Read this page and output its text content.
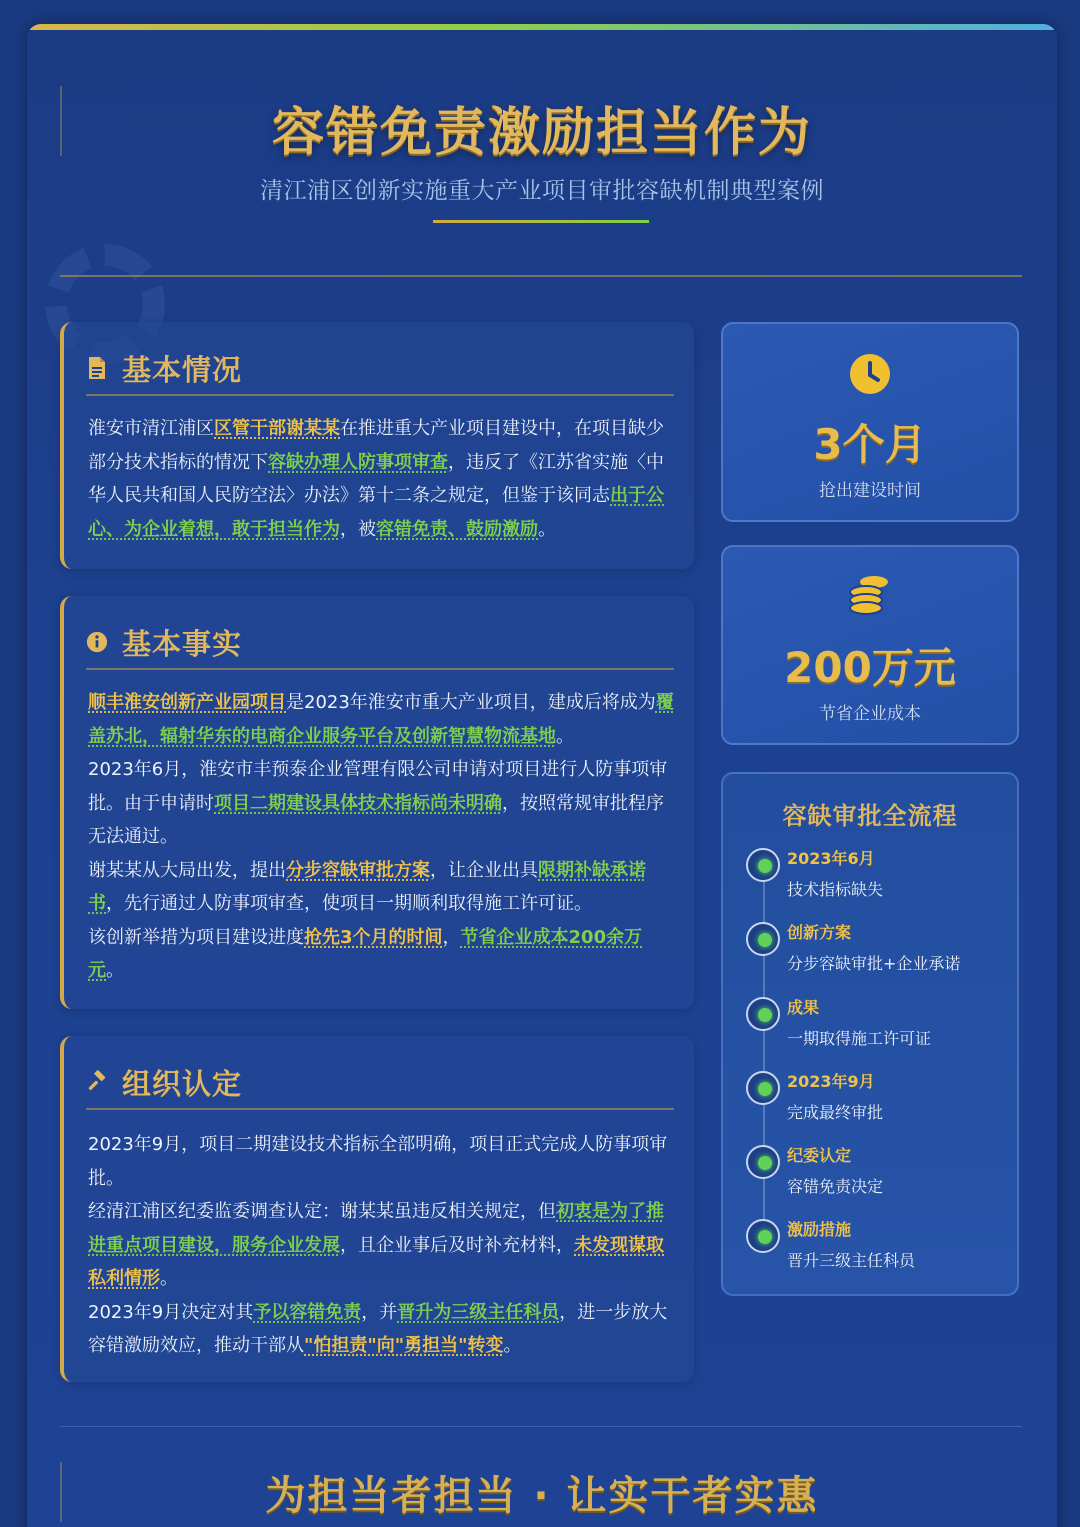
容错免责激励担当作为
清江浦区创新实施重大产业项目审批容缺机制典型案例
基本情况
淮安市清江浦区区管干部谢某某在推进重大产业项目建设中，在项目缺少部分技术指标的情况下容缺办理人防事项审查，违反了《江苏省实施〈中华人民共和国人民防空法〉办法》第十二条之规定，但鉴于该同志出于公心、为企业着想，敢于担当作为，被容错免责、鼓励激励。
基本事实
顺丰淮安创新产业园项目是2023年淮安市重大产业项目，建成后将成为覆盖苏北，辐射华东的电商企业服务平台及创新智慧物流基地。
2023年6月，淮安市丰预泰企业管理有限公司申请对项目进行人防事项审批。由于申请时项目二期建设具体技术指标尚未明确，按照常规审批程序无法通过。
谢某某从大局出发，提出分步容缺审批方案，让企业出具限期补缺承诺书，先行通过人防事项审查，使项目一期顺利取得施工许可证。
该创新举措为项目建设进度抢先3个月的时间，节省企业成本200余万元。
组织认定
2023年9月，项目二期建设技术指标全部明确，项目正式完成人防事项审批。
经清江浦区纪委监委调查认定：谢某某虽违反相关规定，但初衷是为了推进重点项目建设，服务企业发展，且企业事后及时补充材料，未发现谋取私利情形。
2023年9月决定对其予以容错免责，并晋升为三级主任科员，进一步放大容错激励效应，推动干部从"怕担责"向"勇担当"转变。
3个月
抢出建设时间
200万元
节省企业成本
容缺审批全流程
2023年6月
技术指标缺失
创新方案
分步容缺审批+企业承诺
成果
一期取得施工许可证
2023年9月
完成最终审批
纪委认定
容错免责决定
激励措施
晋升三级主任科员
为担当者担当 · 让实干者实惠
